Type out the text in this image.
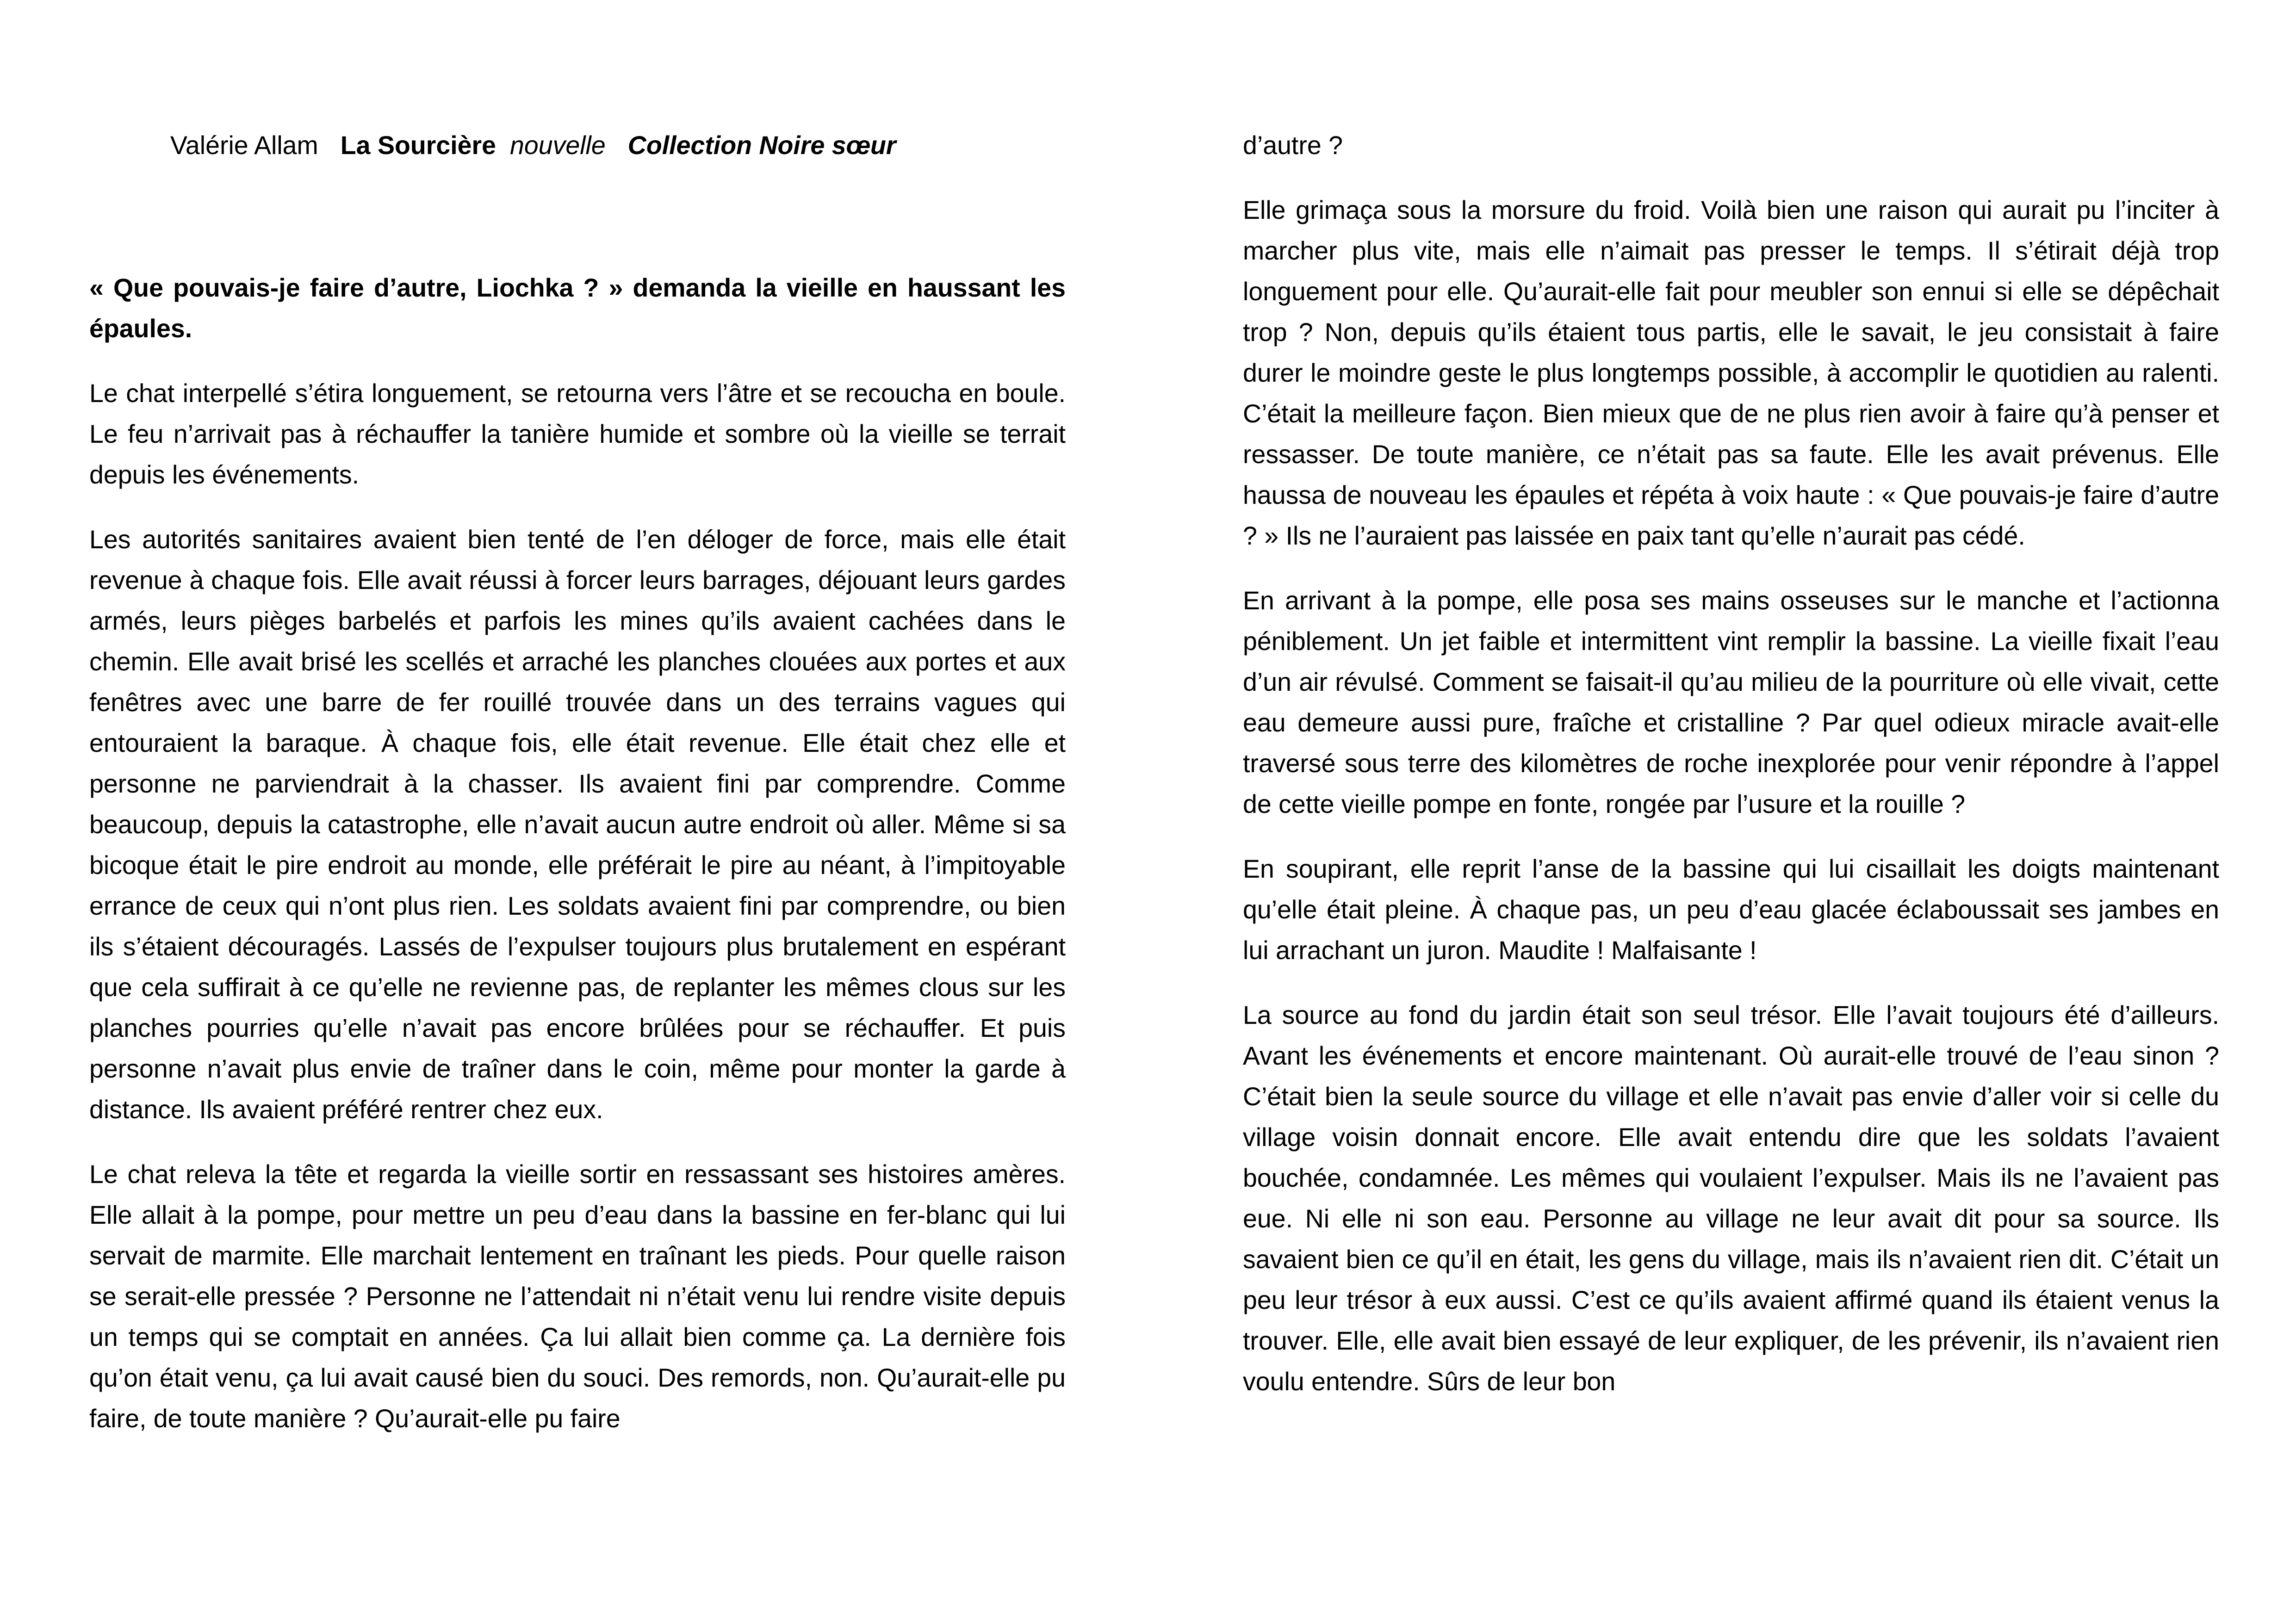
Valérie Allam La Sourcière nouvelle Collection Noire sœur

« Que pouvais-je faire d’autre, Liochka ? » demanda la vieille en haussant les épaules.

Le chat interpellé s’étira longuement, se retourna vers l’âtre et se recoucha en boule. Le feu n’arrivait pas à réchauffer la tanière humide et sombre où la vieille se terrait depuis les événements.

Les autorités sanitaires avaient bien tenté de l’en déloger de force, mais elle était revenue à chaque fois. Elle avait réussi à forcer leurs barrages, déjouant leurs gardes armés, leurs pièges barbelés et parfois les mines qu’ils avaient cachées dans le chemin. Elle avait brisé les scellés et arraché les planches clouées aux portes et aux fenêtres avec une barre de fer rouillé trouvée dans un des terrains vagues qui entouraient la baraque. À chaque fois, elle était revenue. Elle était chez elle et personne ne parviendrait à la chasser. Ils avaient fini par comprendre. Comme beaucoup, depuis la catastrophe, elle n’avait aucun autre endroit où aller. Même si sa bicoque était le pire endroit au monde, elle préférait le pire au néant, à l’impitoyable errance de ceux qui n’ont plus rien. Les soldats avaient fini par comprendre, ou bien ils s’étaient découragés. Lassés de l’expulser toujours plus brutalement en espérant que cela suffirait à ce qu’elle ne revienne pas, de replanter les mêmes clous sur les planches pourries qu’elle n’avait pas encore brûlées pour se réchauffer. Et puis personne n’avait plus envie de traîner dans le coin, même pour monter la garde à distance. Ils avaient préféré rentrer chez eux.

Le chat releva la tête et regarda la vieille sortir en ressassant ses histoires amères. Elle allait à la pompe, pour mettre un peu d’eau dans la bassine en fer-blanc qui lui servait de marmite. Elle marchait lentement en traînant les pieds. Pour quelle raison se serait-elle pressée ? Personne ne l’attendait ni n’était venu lui rendre visite depuis un temps qui se comptait en années. Ça lui allait bien comme ça. La dernière fois qu’on était venu, ça lui avait causé bien du souci. Des remords, non. Qu’aurait-elle pu faire, de toute manière ? Qu’aurait-elle pu faire

d’autre ?

Elle grimaça sous la morsure du froid. Voilà bien une raison qui aurait pu l’inciter à marcher plus vite, mais elle n’aimait pas presser le temps. Il s’étirait déjà trop longuement pour elle. Qu’aurait-elle fait pour meubler son ennui si elle se dépêchait trop ? Non, depuis qu’ils étaient tous partis, elle le savait, le jeu consistait à faire durer le moindre geste le plus longtemps possible, à accomplir le quotidien au ralenti. C’était la meilleure façon. Bien mieux que de ne plus rien avoir à faire qu’à penser et ressasser. De toute manière, ce n’était pas sa faute. Elle les avait prévenus. Elle haussa de nouveau les épaules et répéta à voix haute : « Que pouvais-je faire d’autre ? » Ils ne l’auraient pas laissée en paix tant qu’elle n’aurait pas cédé.

En arrivant à la pompe, elle posa ses mains osseuses sur le manche et l’actionna péniblement. Un jet faible et intermittent vint remplir la bassine. La vieille fixait l’eau d’un air révulsé. Comment se faisait-il qu’au milieu de la pourriture où elle vivait, cette eau demeure aussi pure, fraîche et cristalline ? Par quel odieux miracle avait-elle traversé sous terre des kilomètres de roche inexplorée pour venir répondre à l’appel de cette vieille pompe en fonte, rongée par l’usure et la rouille ?

En soupirant, elle reprit l’anse de la bassine qui lui cisaillait les doigts maintenant qu’elle était pleine. À chaque pas, un peu d’eau glacée éclaboussait ses jambes en lui arrachant un juron. Maudite ! Malfaisante !

La source au fond du jardin était son seul trésor. Elle l’avait toujours été d’ailleurs. Avant les événements et encore maintenant. Où aurait-elle trouvé de l’eau sinon ? C’était bien la seule source du village et elle n’avait pas envie d’aller voir si celle du village voisin donnait encore. Elle avait entendu dire que les soldats l’avaient bouchée, condamnée. Les mêmes qui voulaient l’expulser. Mais ils ne l’avaient pas eue. Ni elle ni son eau. Personne au village ne leur avait dit pour sa source. Ils savaient bien ce qu’il en était, les gens du village, mais ils n’avaient rien dit. C’était un peu leur trésor à eux aussi. C’est ce qu’ils avaient affirmé quand ils étaient venus la trouver. Elle, elle avait bien essayé de leur expliquer, de les prévenir, ils n’avaient rien voulu entendre. Sûrs de leur bon
